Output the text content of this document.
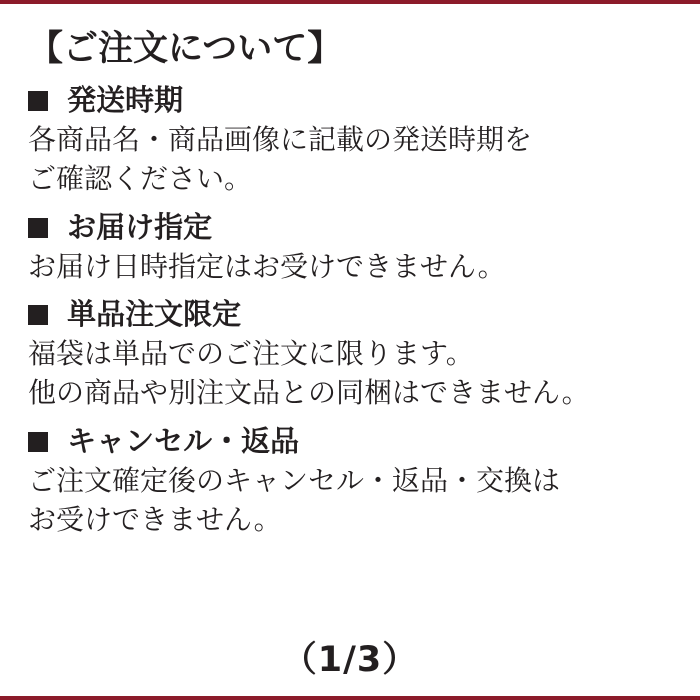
【ご注文について】
発送時期

各商品名・商品画像に記載の発送時期を
ご確認ください。

お届け指定

お届け日時指定はお受けできません。

単品注文限定

福袋は単品でのご注文に限ります。
他の商品や別注文品との同梱はできません。

キャンセル・返品

ご注文確定後のキャンセル・返品・交換は
お受けできません。

（1/3）
